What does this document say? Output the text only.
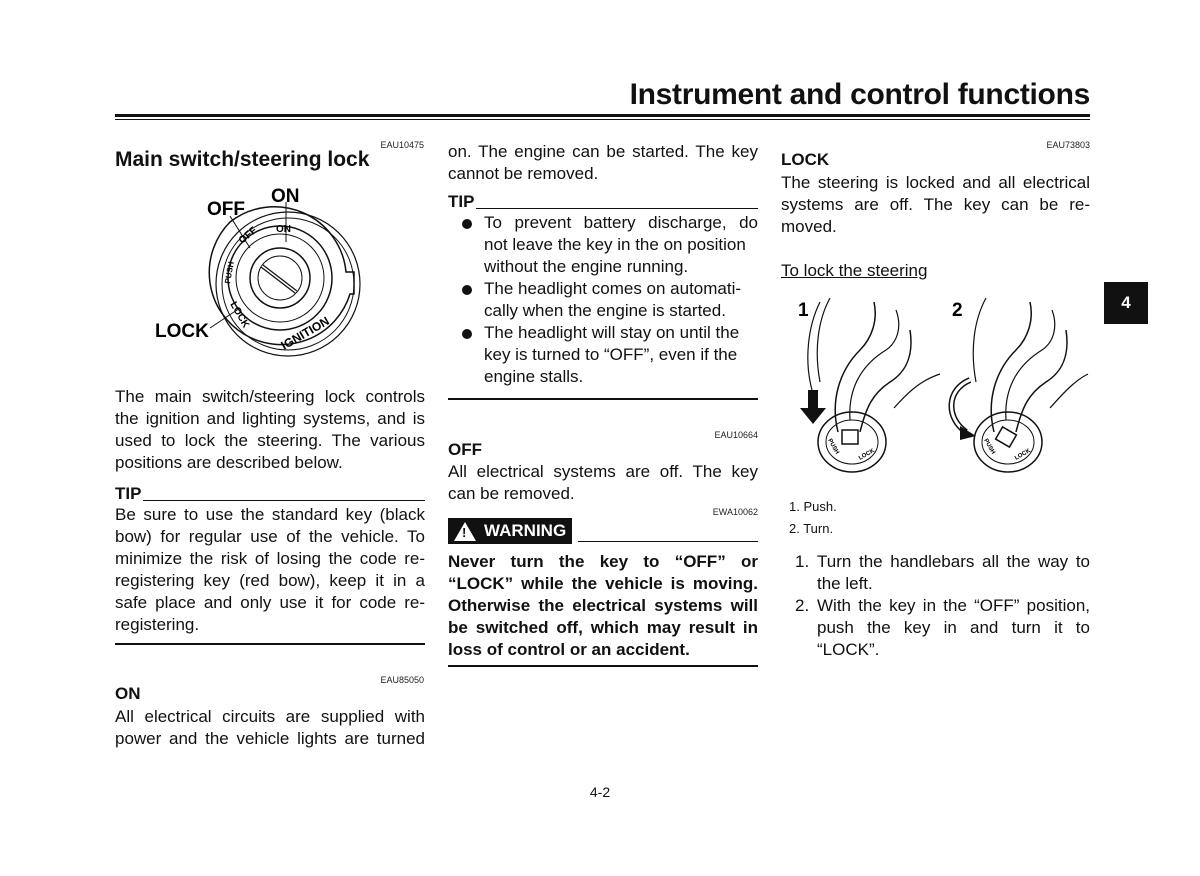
Instrument and control functions
4
EAU10475
Main switch/steering lock
OFF ON
PUSH
LOCK IGNITION
OFF
ON
LOCK
The main switch/steering lock controls
the ignition and lighting systems, and is
used to lock the steering. The various
positions are described below.
TIP
Be sure to use the standard key (black
bow) for regular use of the vehicle. To
minimize the risk of losing the code re-
registering key (red bow), keep it in a
safe place and only use it for code re-
registering.
EAU85050
ON
All electrical circuits are supplied with
power and the vehicle lights are turned
on. The engine can be started. The key
cannot be removed.
TIP
To prevent battery discharge, do
not leave the key in the on position
without the engine running.
The headlight comes on automati-
cally when the engine is started.
The headlight will stay on until the
key is turned to “OFF”, even if the
engine stalls.
EAU10664
OFF
All electrical systems are off. The key
can be removed.
EWA10062
! WARNING
Never turn the key to “OFF” or
“LOCK” while the vehicle is moving.
Otherwise the electrical systems will
be switched off, which may result in
loss of control or an accident.
EAU73803
LOCK
The steering is locked and all electrical
systems are off. The key can be re-
moved.
To lock the steering
1
PUSH	LOCK
2
PUSH	LOCK
1. Push.
2. Turn.
1. Turn the handlebars all the way to
the left.
2. With the key in the “OFF” position,
push the key in and turn it to
“LOCK”.
4-2
